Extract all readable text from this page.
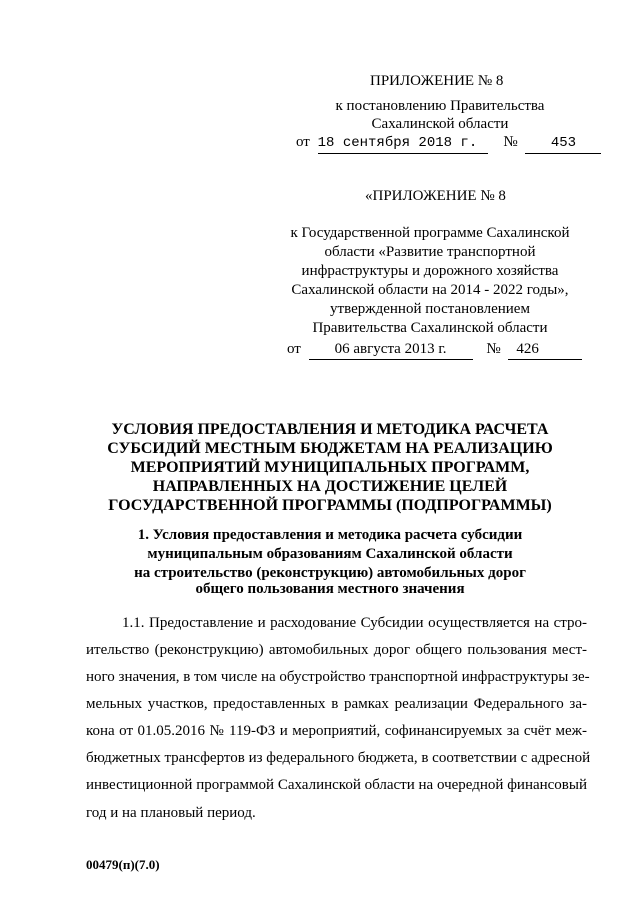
ПРИЛОЖЕНИЕ № 8
к постановлению Правительства
Сахалинской области
от 18 сентября 2018 г. № 453
«ПРИЛОЖЕНИЕ № 8
к Государственной программе Сахалинской
области «Развитие транспортной
инфраструктуры и дорожного хозяйства
Сахалинской области на 2014 - 2022 годы»,
утвержденной постановлением
Правительства Сахалинской области
от 06 августа 2013 г.	№ 426
УСЛОВИЯ ПРЕДОСТАВЛЕНИЯ И МЕТОДИКА РАСЧЕТА
СУБСИДИЙ МЕСТНЫМ БЮДЖЕТАМ НА РЕАЛИЗАЦИЮ
МЕРОПРИЯТИЙ МУНИЦИПАЛЬНЫХ ПРОГРАММ,
НАПРАВЛЕННЫХ НА ДОСТИЖЕНИЕ ЦЕЛЕЙ
ГОСУДАРСТВЕННОЙ ПРОГРАММЫ (ПОДПРОГРАММЫ)
1. Условия предоставления и методика расчета субсидии
муниципальным образованиям Сахалинской области
на строительство (реконструкцию) автомобильных дорог
общего пользования местного значения
1.1. Предоставление и расходование Субсидии осуществляется на стро-
ительство (реконструкцию) автомобильных дорог общего пользования мест-
ного значения, в том числе на обустройство транспортной инфраструктуры зе-
мельных участков, предоставленных в рамках реализации Федерального за-
кона от 01.05.2016 № 119-ФЗ и мероприятий, софинансируемых за счёт меж-
бюджетных трансфертов из федерального бюджета, в соответствии с адресной
инвестиционной программой Сахалинской области на очередной финансовый
год и на плановый период.
00479(п)(7.0)
